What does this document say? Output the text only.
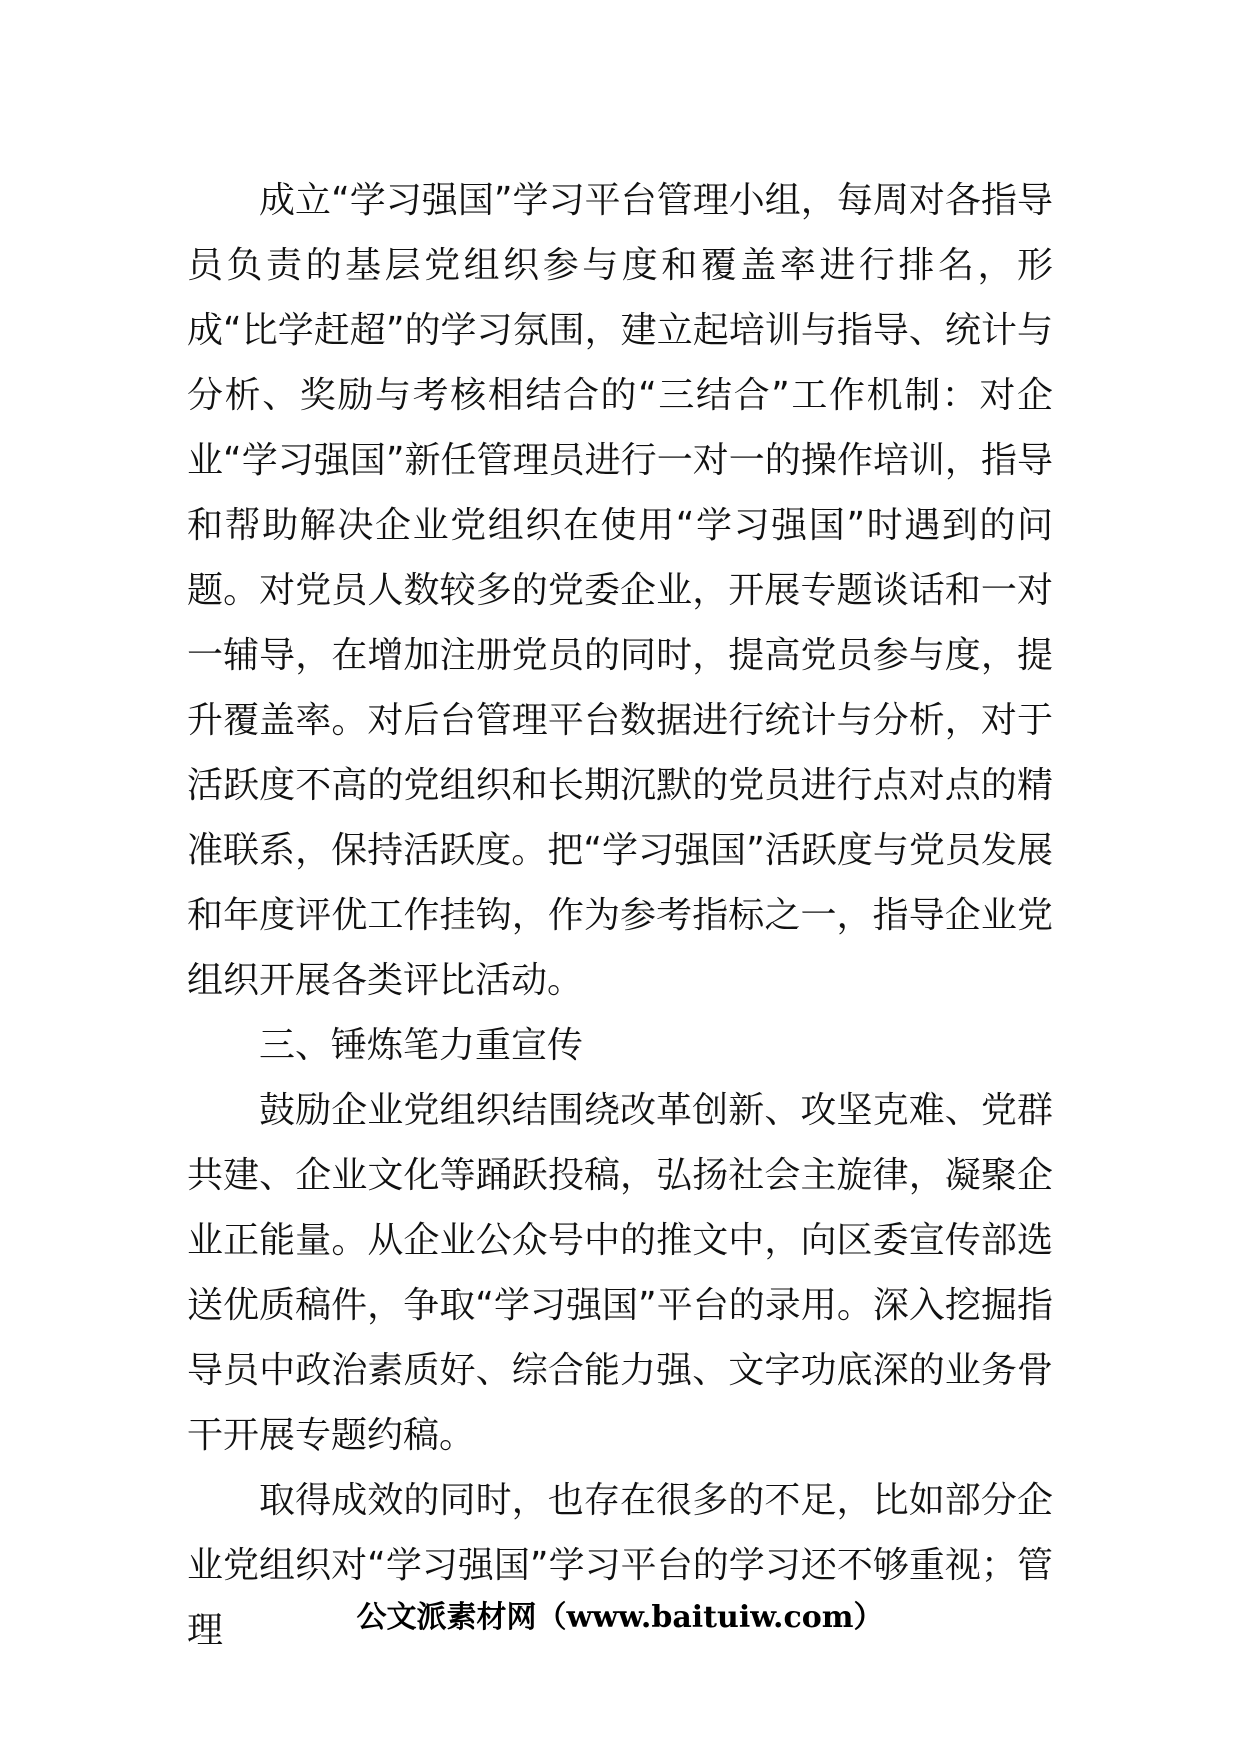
成立“学习强国”学习平台管理小组，每周对各指导员负责的基层党组织参与度和覆盖率进行排名，形成“比学赶超”的学习氛围，建立起培训与指导、统计与分析、奖励与考核相结合的“三结合”工作机制：对企业“学习强国”新任管理员进行一对一的操作培训，指导和帮助解决企业党组织在使用“学习强国”时遇到的问题。对党员人数较多的党委企业，开展专题谈话和一对一辅导，在增加注册党员的同时，提高党员参与度，提升覆盖率。对后台管理平台数据进行统计与分析，对于活跃度不高的党组织和长期沉默的党员进行点对点的精准联系，保持活跃度。把“学习强国”活跃度与党员发展和年度评优工作挂钩，作为参考指标之一，指导企业党组织开展各类评比活动。

三、锤炼笔力重宣传

鼓励企业党组织结围绕改革创新、攻坚克难、党群共建、企业文化等踊跃投稿，弘扬社会主旋律，凝聚企业正能量。从企业公众号中的推文中，向区委宣传部选送优质稿件，争取“学习强国”平台的录用。深入挖掘指导员中政治素质好、综合能力强、文字功底深的业务骨干开展专题约稿。

取得成效的同时，也存在很多的不足，比如部分企业党组织对“学习强国”学习平台的学习还不够重视；管理	公文派素材网（www.baituiw.com）
